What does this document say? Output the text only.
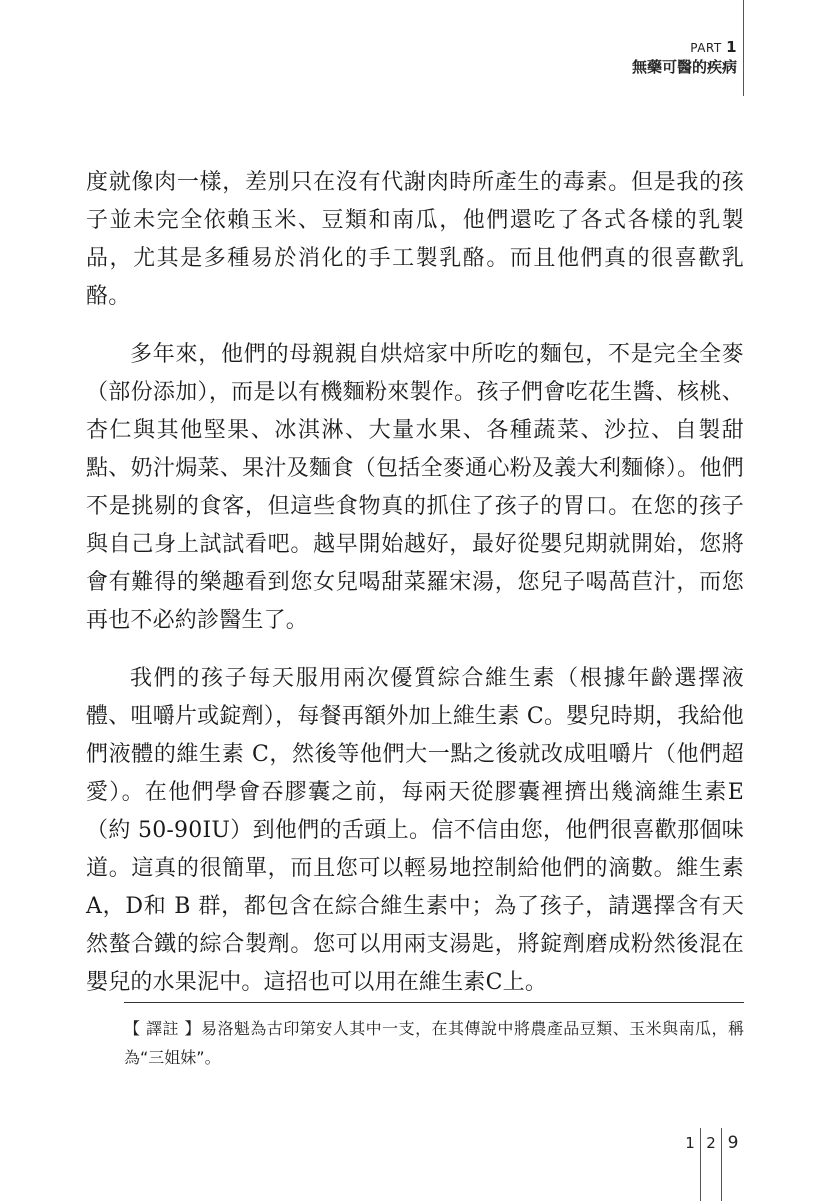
PART 1
無藥可醫的疾病

度就像肉一樣，差別只在沒有代謝肉時所產生的毒素。但是我的孩子並未完全依賴玉米、豆類和南瓜，他們還吃了各式各樣的乳製品，尤其是多種易於消化的手工製乳酪。而且他們真的很喜歡乳酪。

多年來，他們的母親親自烘焙家中所吃的麵包，不是完全全麥（部份添加），而是以有機麵粉來製作。孩子們會吃花生醬、核桃、杏仁與其他堅果、冰淇淋、大量水果、各種蔬菜、沙拉、自製甜點、奶汁焗菜、果汁及麵食（包括全麥通心粉及義大利麵條）。他們不是挑剔的食客，但這些食物真的抓住了孩子的胃口。在您的孩子與自己身上試試看吧。越早開始越好，最好從嬰兒期就開始，您將會有難得的樂趣看到您女兒喝甜菜羅宋湯，您兒子喝萵苣汁，而您再也不必約診醫生了。

我們的孩子每天服用兩次優質綜合維生素（根據年齡選擇液體、咀嚼片或錠劑），每餐再額外加上維生素 C。嬰兒時期，我給他們液體的維生素 C，然後等他們大一點之後就改成咀嚼片（他們超愛）。在他們學會吞膠囊之前，每兩天從膠囊裡擠出幾滴維生素E（約 50-90IU）到他們的舌頭上。信不信由您，他們很喜歡那個味道。這真的很簡單，而且您可以輕易地控制給他們的滴數。維生素 A，D和 B 群，都包含在綜合維生素中；為了孩子，請選擇含有天然螯合鐵的綜合製劑。您可以用兩支湯匙，將錠劑磨成粉然後混在嬰兒的水果泥中。這招也可以用在維生素C上。

【 譯註 】易洛魁為古印第安人其中一支，在其傳說中將農產品豆類、玉米與南瓜，稱為“三姐妹”。
1 2 9
